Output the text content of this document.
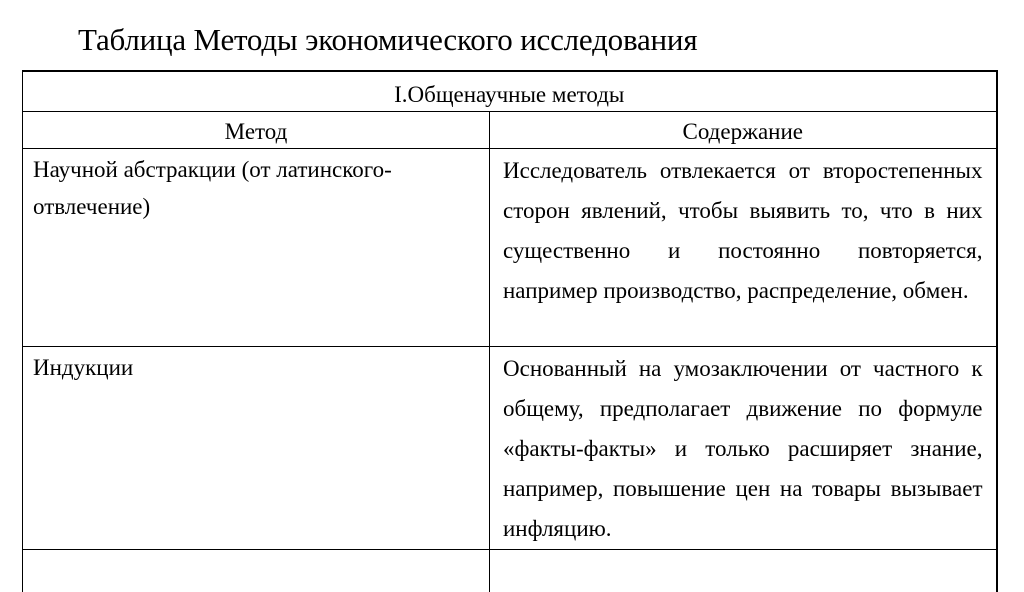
Таблица Методы экономического исследования
I.Общенаучные методы	
Метод	Содержание
Научной абстракции (от латинского-отвлечение)	Исследователь отвлекается от второстепенных сторон явлений, чтобы выявить то, что в них существенно и постоянно повторяется, например производство, распределение, обмен.
Индукции	Основанный на умозаключении от частного к общему, предполагает движение по формуле «факты-факты» и только расширяет знание, например, повышение цен на товары вызывает инфляцию.
